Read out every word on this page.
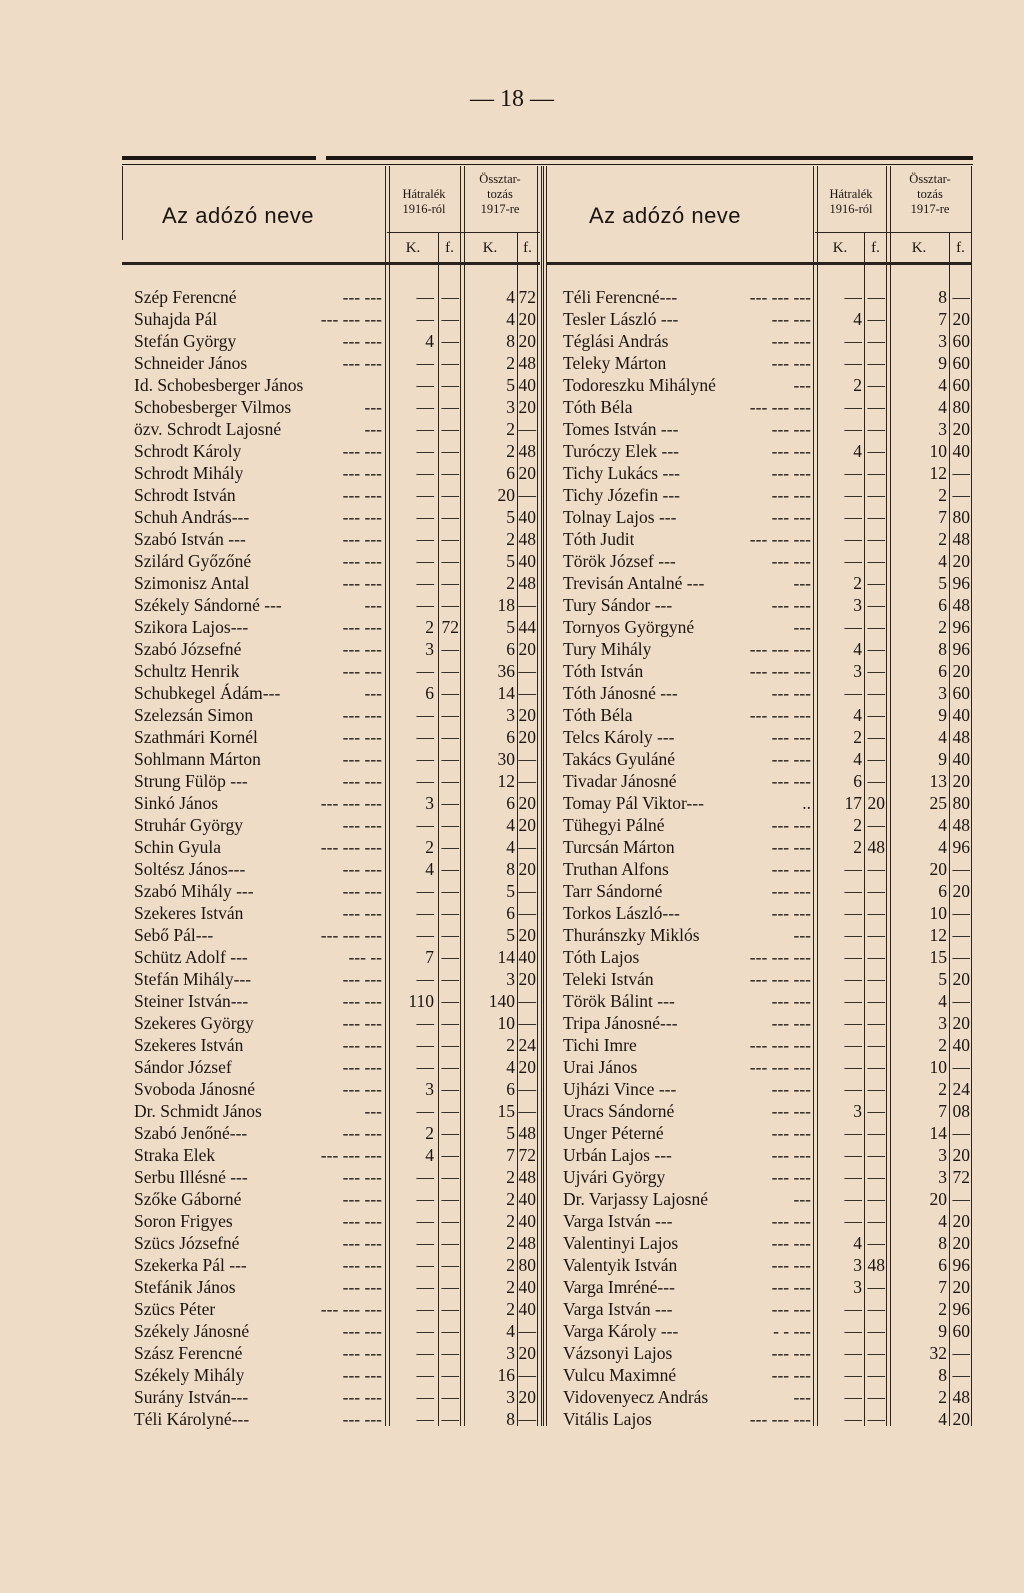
— 18 —
Az adózó neve
Hátralék
1916-ról
Össztar-
tozás
1917-re
K.	f.	K.	f.
Szép Ferencné	--- ---	— —	4 72
Suhajda Pál	--- --- ---	— —	4 20
Stefán György	--- ---	4 —	8 20
Schneider János	--- ---	— —	2 48
Id. Schobesberger János	— —	5 40
Schobesberger Vilmos	---	— —	3 20
özv. Schrodt Lajosné	---	— —	2 —
Schrodt Károly	--- ---	— —	2 48
Schrodt Mihály	--- ---	— —	6 20
Schrodt István	--- ---	— —	20 —
Schuh András---	--- ---	— —	5 40
Szabó István ---	--- ---	— —	2 48
Szilárd Győzőné	--- ---	— —	5 40
Szimonisz Antal	--- ---	— —	2 48
Székely Sándorné ---	---	— —	18 —
Szikora Lajos---	--- ---	2 72	5 44
Szabó Józsefné	--- ---	3 —	6 20
Schultz Henrik	--- ---	— —	36 —
Schubkegel Ádám---	---	6 —	14 —
Szelezsán Simon	--- ---	— —	3 20
Szathmári Kornél	--- ---	— —	6 20
Sohlmann Márton	--- ---	— —	30 —
Strung Fülöp ---	--- ---	— —	12 —
Sinkó János	--- --- ---	3 —	6 20
Struhár György	--- ---	— —	4 20
Schin Gyula	--- --- ---	2 —	4 —
Soltész János---	--- ---	4 —	8 20
Szabó Mihály ---	--- ---	— —	5 —
Szekeres István	--- ---	— —	6 —
Sebő Pál---	--- --- ---	— —	5 20
Schütz Adolf ---	--- --	7 —	14 40
Stefán Mihály---	--- ---	— —	3 20
Steiner István---	--- ---	110 —	140 —
Szekeres György	--- ---	— —	10 —
Szekeres István	--- ---	— —	2 24
Sándor József	--- ---	— —	4 20
Svoboda Jánosné	--- ---	3 —	6 —
Dr. Schmidt János	---	— —	15 —
Szabó Jenőné---	--- ---	2 —	5 48
Straka Elek	--- --- ---	4 —	7 72
Serbu Illésné ---	--- ---	— —	2 48
Szőke Gáborné	--- ---	— —	2 40
Soron Frigyes	--- ---	— —	2 40
Szücs Józsefné	--- ---	— —	2 48
Szekerka Pál ---	--- ---	— —	2 80
Stefánik János	--- ---	— —	2 40
Szücs Péter	--- --- ---	— —	2 40
Székely Jánosné	--- ---	— —	4 —
Szász Ferencné	--- ---	— —	3 20
Székely Mihály	--- ---	— —	16 —
Surány István---	--- ---	— —	3 20
Téli Károlyné---	--- ---	— —	8 —
Az adózó neve
Hátralék
1916-ról
Össztar-
tozás
1917-re
K.	f.	K.	f.
Téli Ferencné---	--- --- ---	— —	8 —
Tesler László ---	--- ---	4 —	7 20
Téglási András	--- ---	— —	3 60
Teleky Márton	--- ---	— —	9 60
Todoreszku Mihályné	---	2 —	4 60
Tóth Béla	--- --- ---	— —	4 80
Tomes István ---	--- ---	— —	3 20
Turóczy Elek ---	--- ---	4 —	10 40
Tichy Lukács ---	--- ---	— —	12 —
Tichy Józefin ---	--- ---	— —	2 —
Tolnay Lajos ---	--- ---	— —	7 80
Tóth Judit	--- --- ---	— —	2 48
Török József ---	--- ---	— —	4 20
Trevisán Antalné ---	---	2 —	5 96
Tury Sándor ---	--- ---	3 —	6 48
Tornyos Györgyné	---	— —	2 96
Tury Mihály	--- --- ---	4 —	8 96
Tóth István	--- --- ---	3 —	6 20
Tóth Jánosné ---	--- ---	— —	3 60
Tóth Béla	--- --- ---	4 —	9 40
Telcs Károly ---	--- ---	2 —	4 48
Takács Gyuláné	--- ---	4 —	9 40
Tivadar Jánosné	--- ---	6 —	13 20
Tomay Pál Viktor---	..	17 20	25 80
Tühegyi Pálné	--- ---	2 —	4 48
Turcsán Márton	--- ---	2 48	4 96
Truthan Alfons	--- ---	— —	20 —
Tarr Sándorné	--- ---	— —	6 20
Torkos László---	--- ---	— —	10 —
Thuránszky Miklós	---	— —	12 —
Tóth Lajos	--- --- ---	— —	15 —
Teleki István	--- --- ---	— —	5 20
Török Bálint ---	--- ---	— —	4 —
Tripa Jánosné---	--- ---	— —	3 20
Tichi Imre	--- --- ---	— —	2 40
Urai János	--- --- ---	— —	10 —
Ujházi Vince ---	--- ---	— —	2 24
Uracs Sándorné	--- ---	3 —	7 08
Unger Péterné	--- ---	— —	14 —
Urbán Lajos ---	--- ---	— —	3 20
Ujvári György	--- ---	— —	3 72
Dr. Varjassy Lajosné	---	— —	20 —
Varga István ---	--- ---	— —	4 20
Valentinyi Lajos	--- ---	4 —	8 20
Valentyik István	--- ---	3 48	6 96
Varga Imréné---	--- ---	3 —	7 20
Varga István ---	--- ---	— —	2 96
Varga Károly ---	- - ---	— —	9 60
Vázsonyi Lajos	--- ---	— —	32 —
Vulcu Maximné	--- ---	— —	8 —
Vidovenyecz András	---	— —	2 48
Vitális Lajos	--- --- ---	— —	4 20
